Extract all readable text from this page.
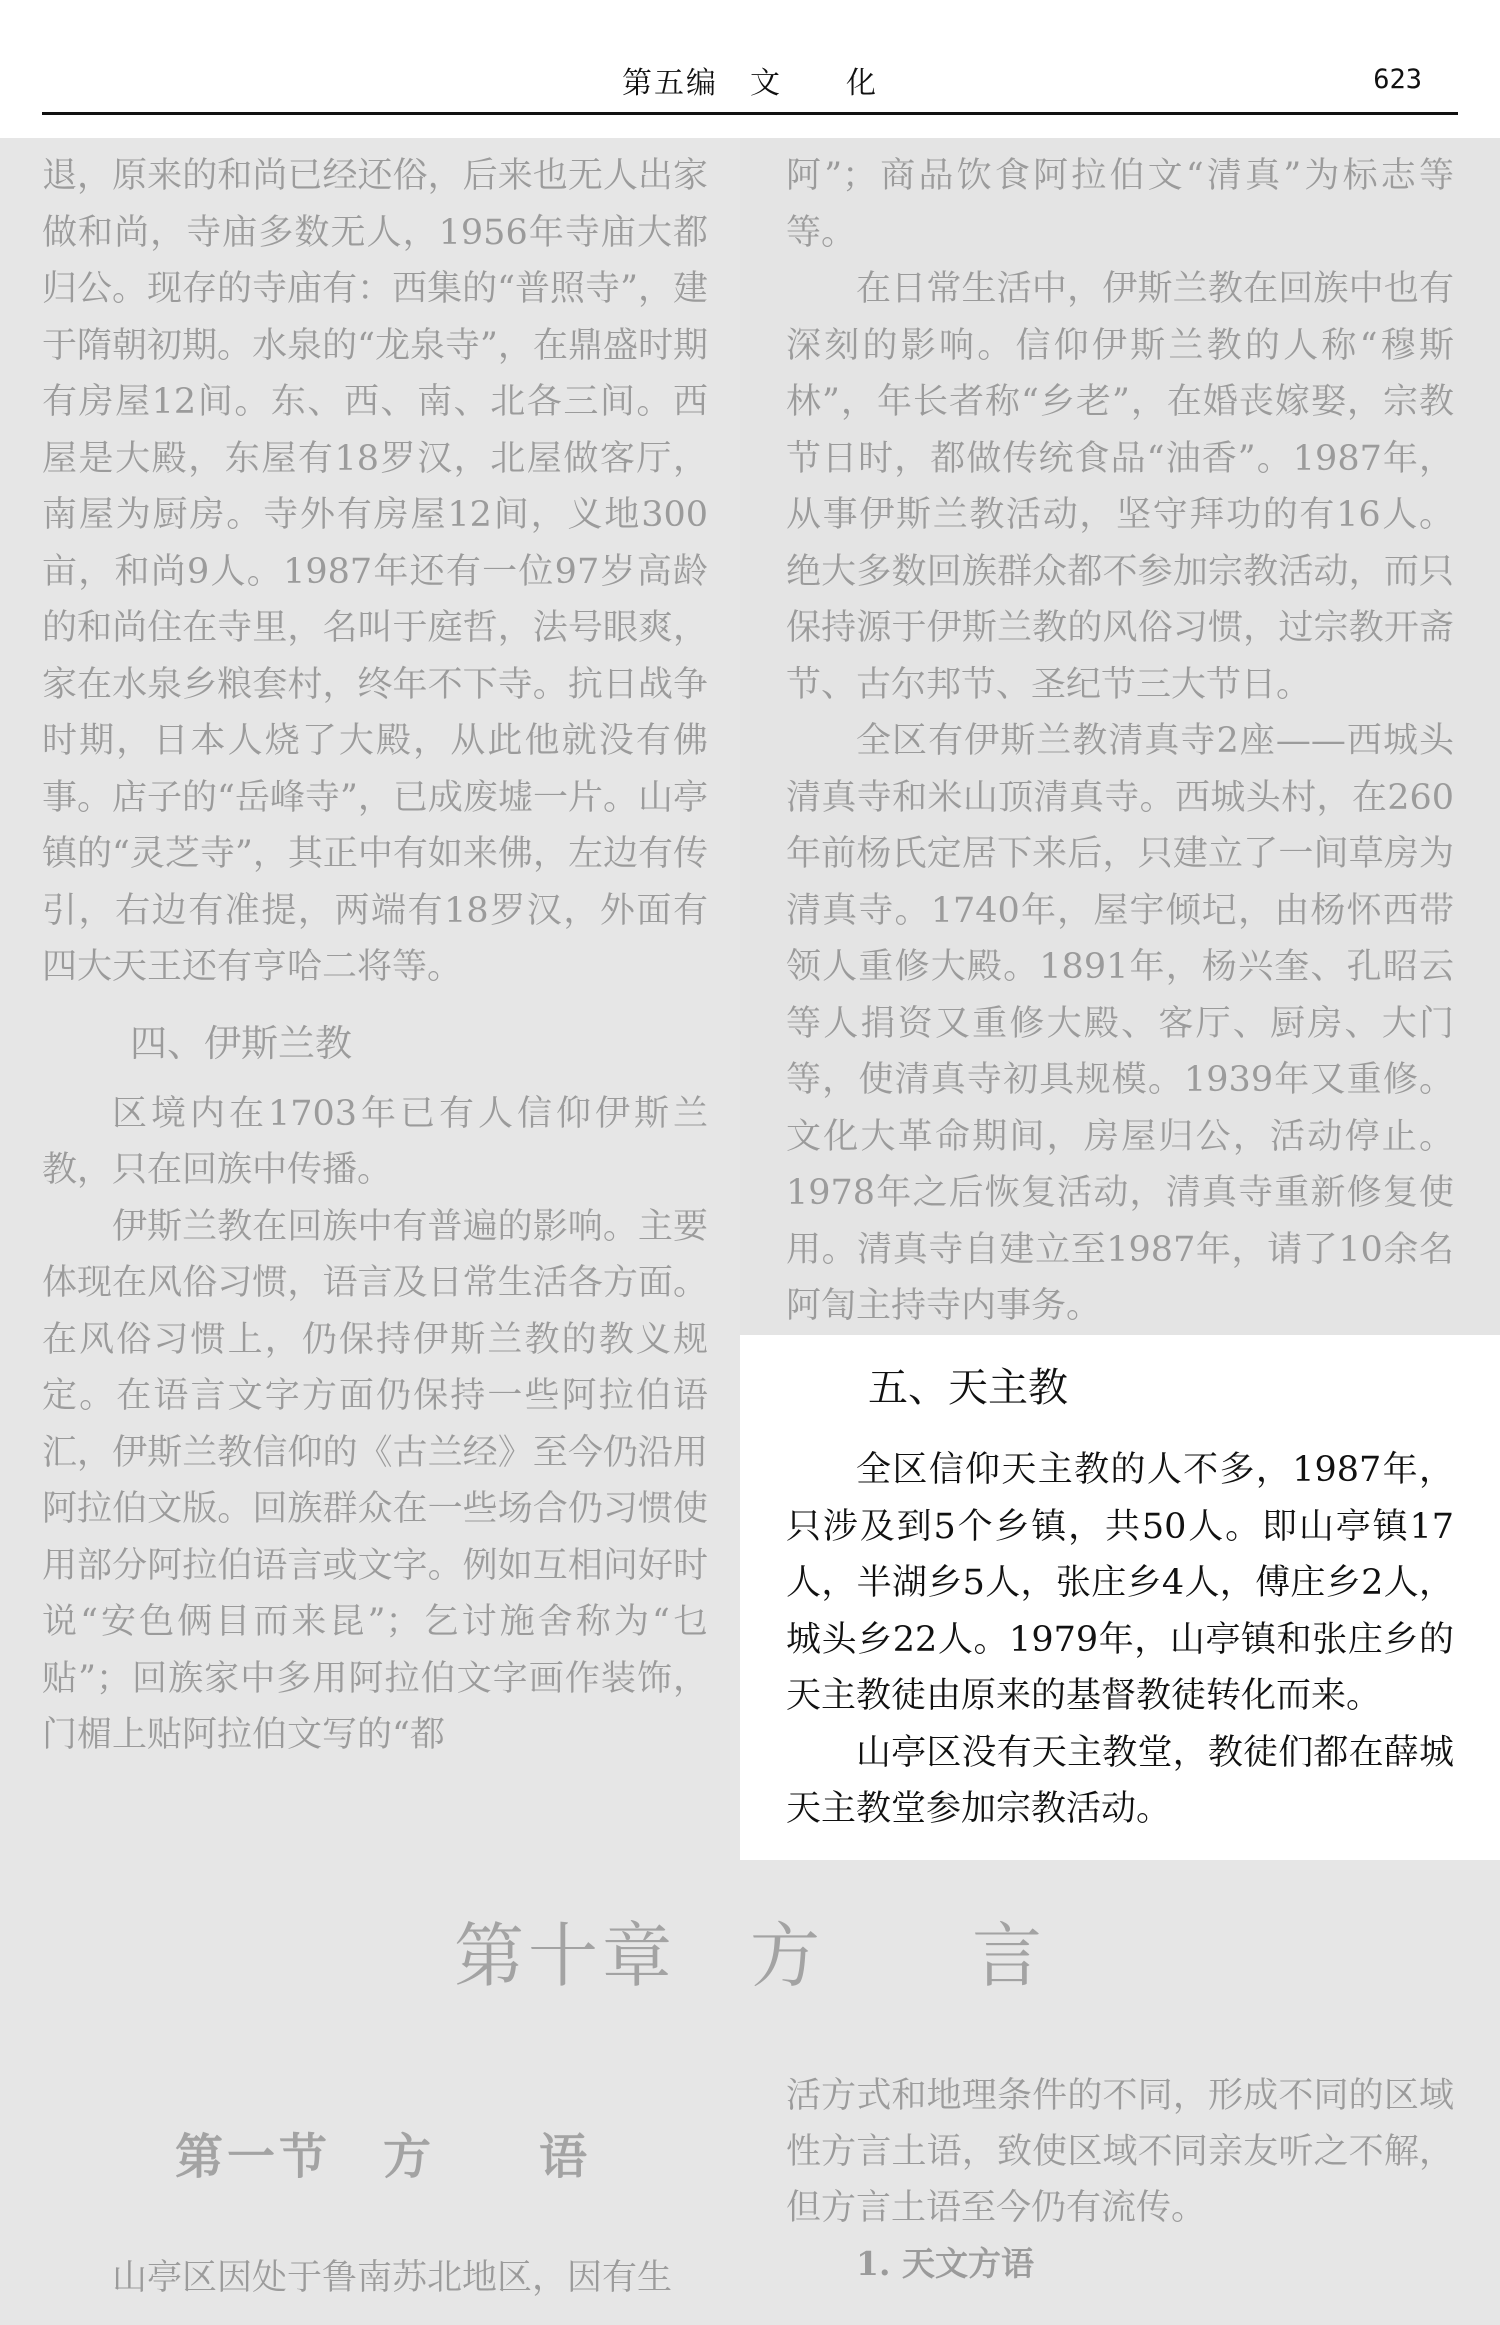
第五编　文　　化	623

退，原来的和尚已经还俗，后来也无人出家做和尚，寺庙多数无人，1956年寺庙大都归公。现存的寺庙有：西集的“普照寺”，建于隋朝初期。水泉的“龙泉寺”，在鼎盛时期有房屋12间。东、西、南、北各三间。西屋是大殿，东屋有18罗汉，北屋做客厅，南屋为厨房。寺外有房屋12间，义地300亩，和尚9人。1987年还有一位97岁高龄的和尚住在寺里，名叫于庭哲，法号眼爽，家在水泉乡粮套村，终年不下寺。抗日战争时期，日本人烧了大殿，从此他就没有佛事。店子的“岳峰寺”，已成废墟一片。山亭镇的“灵芝寺”，其正中有如来佛，左边有传引，右边有准提，两端有18罗汉，外面有四大天王还有亨哈二将等。

四、伊斯兰教

区境内在1703年已有人信仰伊斯兰教，只在回族中传播。

伊斯兰教在回族中有普遍的影响。主要体现在风俗习惯，语言及日常生活各方面。在风俗习惯上，仍保持伊斯兰教的教义规定。在语言文字方面仍保持一些阿拉伯语汇，伊斯兰教信仰的《古兰经》至今仍沿用阿拉伯文版。回族群众在一些场合仍习惯使用部分阿拉伯语言或文字。例如互相问好时说“安色俩目而来昆”；乞讨施舍称为“乜贴”；回族家中多用阿拉伯文字画作装饰，门楣上贴阿拉伯文写的“都

阿”；商品饮食阿拉伯文“清真”为标志等等。

在日常生活中，伊斯兰教在回族中也有深刻的影响。信仰伊斯兰教的人称“穆斯林”，年长者称“乡老”，在婚丧嫁娶，宗教节日时，都做传统食品“油香”。1987年，从事伊斯兰教活动，坚守拜功的有16人。绝大多数回族群众都不参加宗教活动，而只保持源于伊斯兰教的风俗习惯，过宗教开斋节、古尔邦节、圣纪节三大节日。

全区有伊斯兰教清真寺2座——西城头清真寺和米山顶清真寺。西城头村，在260年前杨氏定居下来后，只建立了一间草房为清真寺。1740年，屋宇倾圮，由杨怀西带领人重修大殿。1891年，杨兴奎、孔昭云等人捐资又重修大殿、客厅、厨房、大门等，使清真寺初具规模。1939年又重修。文化大革命期间，房屋归公，活动停止。1978年之后恢复活动，清真寺重新修复使用。清真寺自建立至1987年，请了10余名阿訇主持寺内事务。

五、天主教

全区信仰天主教的人不多，1987年，只涉及到5个乡镇，共50人。即山亭镇17人，半湖乡5人，张庄乡4人，傅庄乡2人，城头乡22人。1979年，山亭镇和张庄乡的天主教徒由原来的基督教徒转化而来。

山亭区没有天主教堂，教徒们都在薛城天主教堂参加宗教活动。

第十章　方　　言
第一节　方　　语
山亭区因处于鲁南苏北地区，因有生

活方式和地理条件的不同，形成不同的区域性方言土语，致使区域不同亲友听之不解，但方言土语至今仍有流传。

1. 天文方语
